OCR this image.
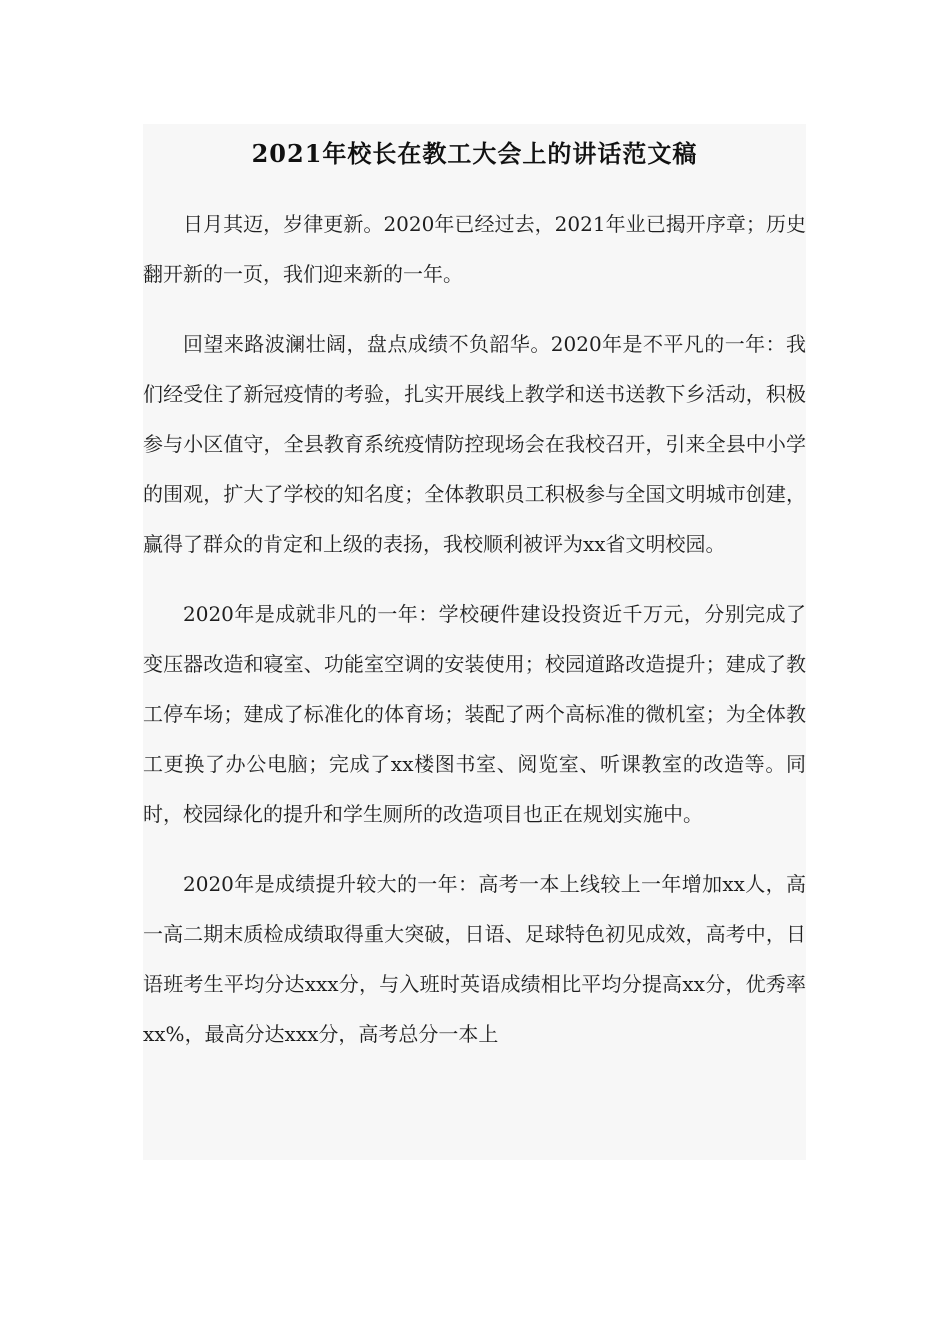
2021年校长在教工大会上的讲话范文稿

日月其迈，岁律更新。2020年已经过去，2021年业已揭开序章；历史翻开新的一页，我们迎来新的一年。

回望来路波澜壮阔，盘点成绩不负韶华。2020年是不平凡的一年：我们经受住了新冠疫情的考验，扎实开展线上教学和送书送教下乡活动，积极参与小区值守，全县教育系统疫情防控现场会在我校召开，引来全县中小学的围观，扩大了学校的知名度；全体教职员工积极参与全国文明城市创建，赢得了群众的肯定和上级的表扬，我校顺利被评为xx省文明校园。

2020年是成就非凡的一年：学校硬件建设投资近千万元，分别完成了变压器改造和寝室、功能室空调的安装使用；校园道路改造提升；建成了教工停车场；建成了标准化的体育场；装配了两个高标准的微机室；为全体教工更换了办公电脑；完成了xx楼图书室、阅览室、听课教室的改造等。同时，校园绿化的提升和学生厕所的改造项目也正在规划实施中。

2020年是成绩提升较大的一年：高考一本上线较上一年增加xx人，高一高二期末质检成绩取得重大突破，日语、足球特色初见成效，高考中，日语班考生平均分达xxx分，与入班时英语成绩相比平均分提高xx分，优秀率xx%，最高分达xxx分，高考总分一本上
